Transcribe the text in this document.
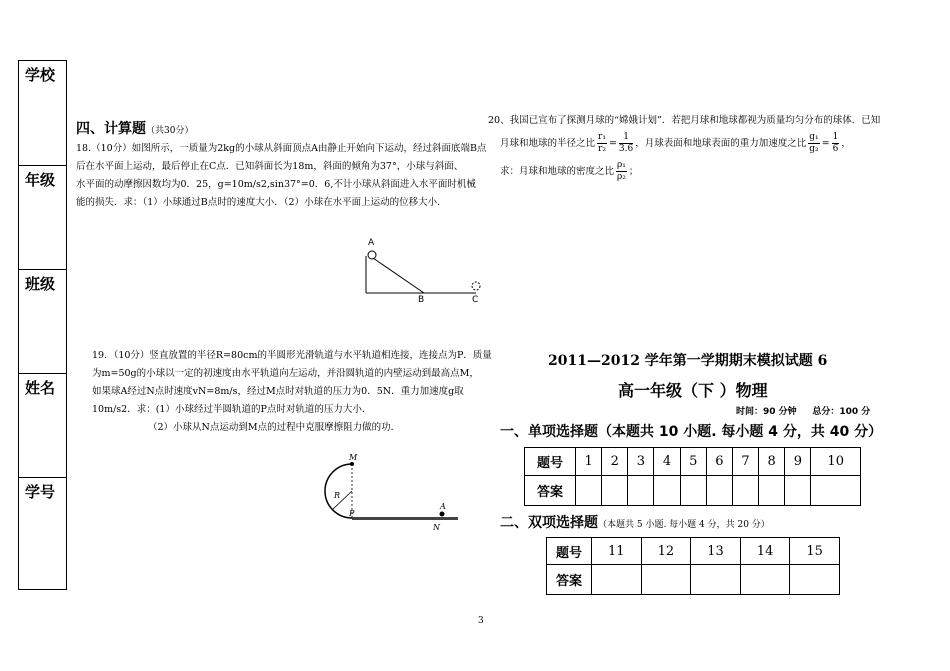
学校
年级
班级
姓名
学号
四、计算题（共30分）
18.（10分）如图所示，一质量为2kg的小球从斜面顶点A由静止开始向下运动，经过斜面底端B点
后在水平面上运动，最后停止在C点．已知斜面长为18m，斜面的倾角为37°，小球与斜面、
水平面的动摩擦因数均为0．25，g=10m/s2,sin37°=0．6,不计小球从斜面进入水平面时机械
能的损失．求：（1）小球通过B点时的速度大小．（2）小球在水平面上运动的位移大小．
A
B	C
19．（10分）竖直放置的半径R=80cm的半圆形光滑轨道与水平轨道相连接，连接点为P．质量
为m=50g的小球以一定的初速度由水平轨道向左运动，并沿圆轨道的内壁运动到最高点M，
如果球A经过N点时速度vN=8m/s，经过M点时对轨道的压力为0．5N．重力加速度g取
10m/s2．求：(1）小球经过半圆轨道的P点时对轨道的压力大小．
（2）小球从N点运动到M点的过程中克服摩擦阻力做的功．
M
R
P
A
N
20、我国已宣布了探测月球的“嫦娥计划”．若把月球和地球都视为质量均匀分布的球体．已知
月球和地球的半径之比 $\frac{\text{r₁}}{\text{r₂}} = \frac{1}{3.6}$ ，月球表面和地球表面的重力加速度之比 $\frac{\text{g₁}}{\text{g₂}} = \frac{1}{6}$ ，
求：月球和地球的密度之比 $\frac{\text{ρ₁}}{\text{ρ₂}}$ ；
2011—2012 学年第一学期期末模拟试题 6
高一年级（下 ）物理
时间：90 分钟 总分：100 分
一、单项选择题（本题共 10 小题. 每小题 4 分，共 40 分）
题号	1	2	3	4	5	6	7	8	9	10
答案										
二、双项选择题（本题共 5 小题. 每小题 4 分，共 20 分）
题号	11	12	13	14	15
答案					
3
